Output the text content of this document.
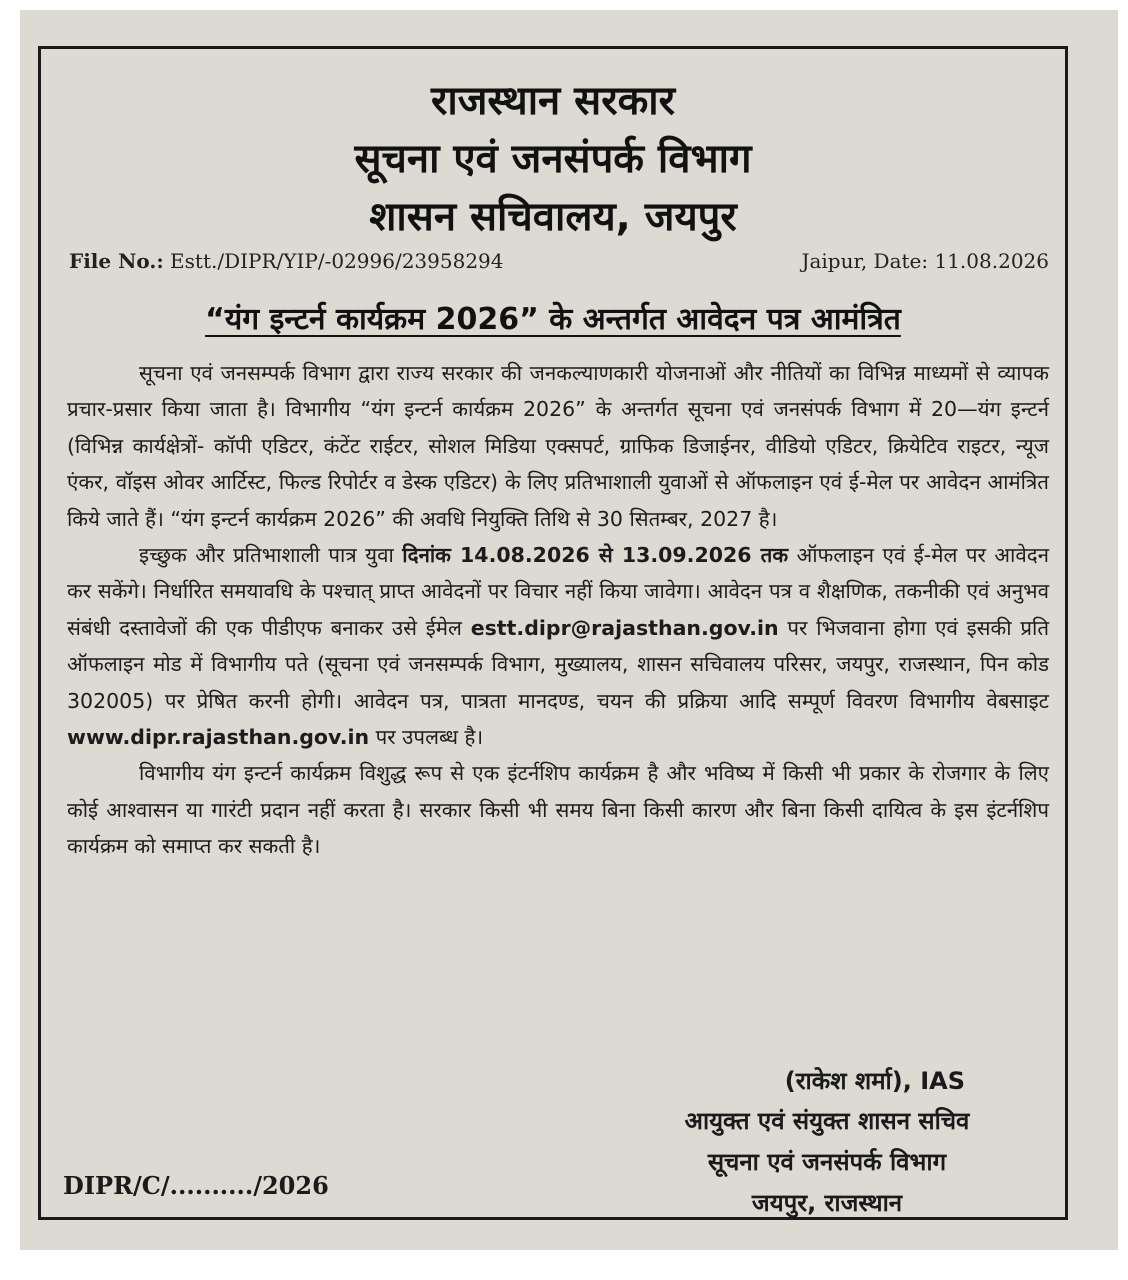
राजस्थान सरकार
सूचना एवं जनसंपर्क विभाग
शासन सचिवालय, जयपुर
File No.: Estt./DIPR/YIP/-02996/23958294	Jaipur, Date: 11.08.2026
“यंग इन्टर्न कार्यक्रम 2026” के अन्तर्गत आवेदन पत्र आमंत्रित

सूचना एवं जनसम्पर्क विभाग द्वारा राज्य सरकार की जनकल्याणकारी योजनाओं और नीतियों का विभिन्न माध्यमों से व्यापक प्रचार-प्रसार किया जाता है। विभागीय “यंग इन्टर्न कार्यक्रम 2026” के अन्तर्गत सूचना एवं जनसंपर्क विभाग में 20—यंग इन्टर्न (विभिन्न कार्यक्षेत्रों- कॉपी एडिटर, कंटेंट राईटर, सोशल मिडिया एक्सपर्ट, ग्राफिक डिजाईनर, वीडियो एडिटर, क्रियेटिव राइटर, न्यूज एंकर, वॉइस ओवर आर्टिस्ट, फिल्ड रिपोर्टर व डेस्क एडिटर) के लिए प्रतिभाशाली युवाओं से ऑफलाइन एवं ई-मेल पर आवेदन आमंत्रित किये जाते हैं। “यंग इन्टर्न कार्यक्रम 2026” की अवधि नियुक्ति तिथि से 30 सितम्बर, 2027 है।

इच्छुक और प्रतिभाशाली पात्र युवा दिनांक 14.08.2026 से 13.09.2026 तक ऑफलाइन एवं ई-मेल पर आवेदन कर सकेंगे। निर्धारित समयावधि के पश्चात् प्राप्त आवेदनों पर विचार नहीं किया जावेगा। आवेदन पत्र व शैक्षणिक, तकनीकी एवं अनुभव संबंधी दस्तावेजों की एक पीडीएफ बनाकर उसे ईमेल estt.dipr@rajasthan.gov.in पर भिजवाना होगा एवं इसकी प्रति ऑफलाइन मोड में विभागीय पते (सूचना एवं जनसम्पर्क विभाग, मुख्यालय, शासन सचिवालय परिसर, जयपुर, राजस्थान, पिन कोड 302005) पर प्रेषित करनी होगी। आवेदन पत्र, पात्रता मानदण्ड, चयन की प्रक्रिया आदि सम्पूर्ण विवरण विभागीय वेबसाइट www.dipr.rajasthan.gov.in पर उपलब्ध है।

विभागीय यंग इन्टर्न कार्यक्रम विशुद्ध रूप से एक इंटर्नशिप कार्यक्रम है और भविष्य में किसी भी प्रकार के रोजगार के लिए कोई आश्वासन या गारंटी प्रदान नहीं करता है। सरकार किसी भी समय बिना किसी कारण और बिना किसी दायित्व के इस इंटर्नशिप कार्यक्रम को समाप्त कर सकती है।

(राकेश शर्मा), IAS
आयुक्त एवं संयुक्त शासन सचिव
सूचना एवं जनसंपर्क विभाग
जयपुर, राजस्थान
DIPR/C/........../2026
